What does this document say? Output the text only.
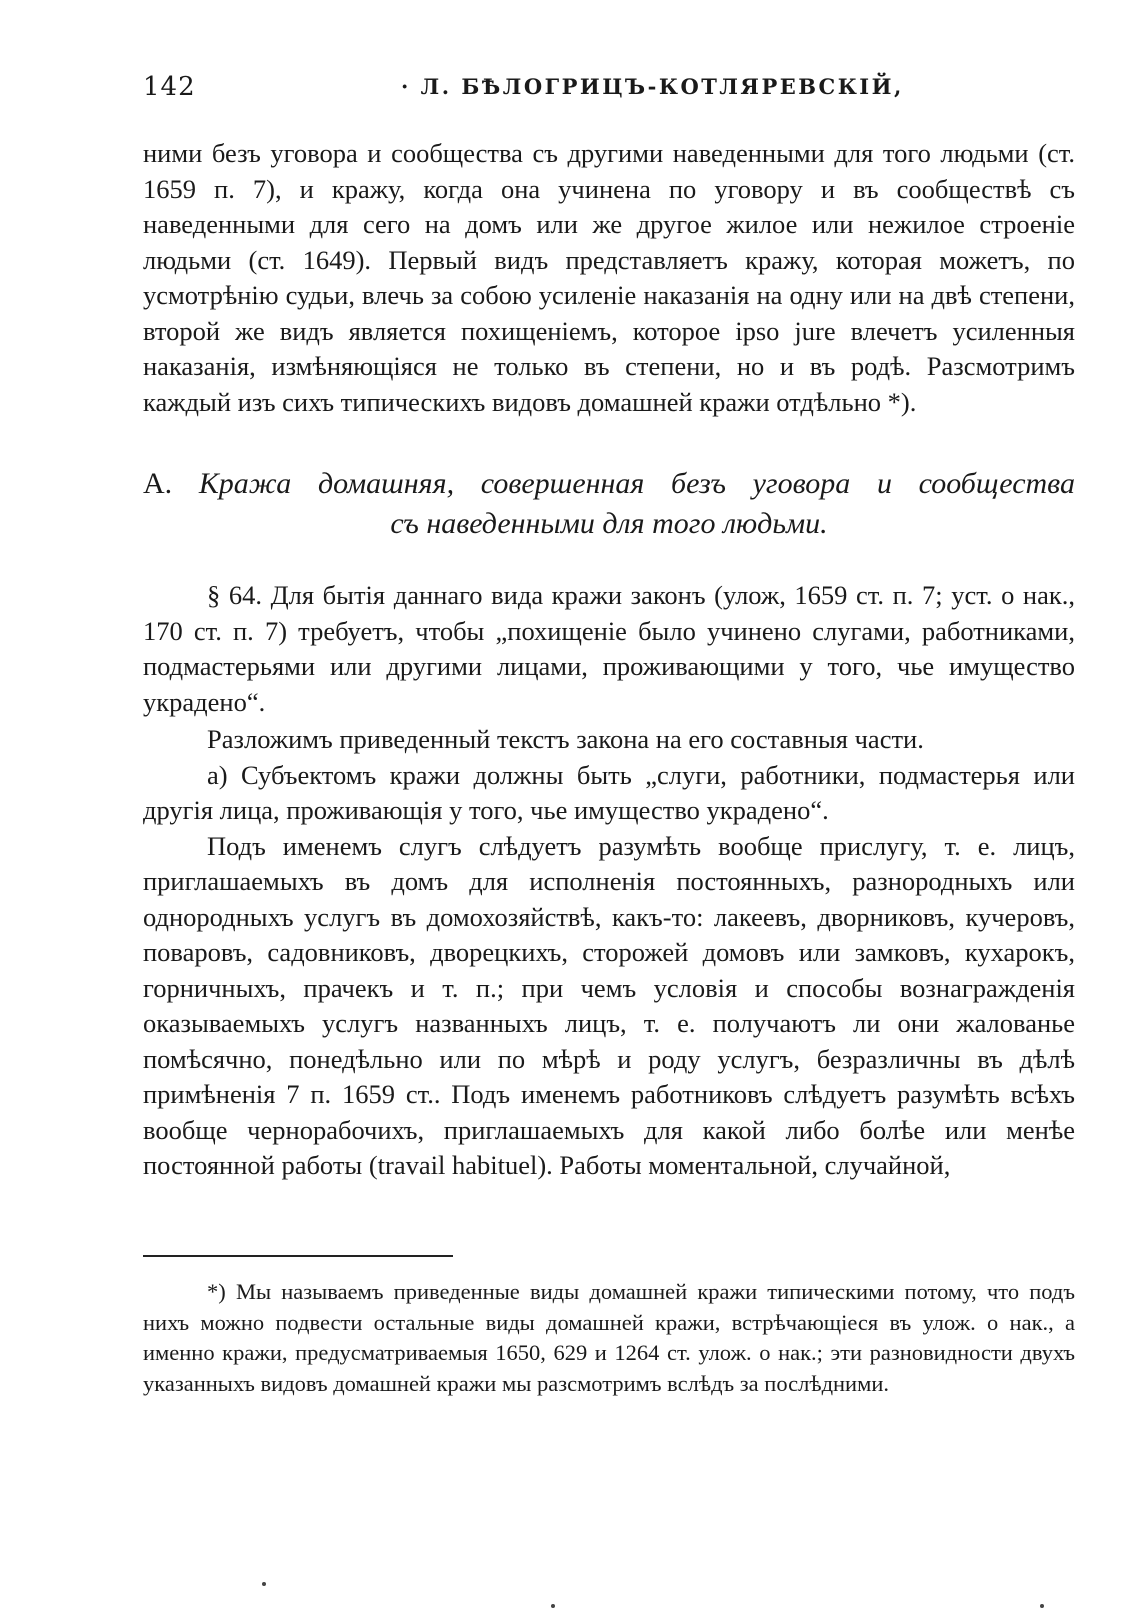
142	· Л. БѢЛОГРИЦЪ-КОТЛЯРЕВСКІЙ,

ними безъ уговора и сообщества съ другими наведенными для того людьми (ст. 1659 п. 7), и кражу, когда она учинена по уговору и въ сообществѣ съ наведенными для сего на домъ или же другое жилое или нежилое строеніе людьми (ст. 1649). Первый видъ представляетъ кражу, которая можетъ, по усмотрѣнію судьи, влечь за собою усиленіе наказанія на одну или на двѣ степени, второй же видъ является похищеніемъ, которое ipso jure влечетъ усиленныя наказанія, измѣняющіяся не только въ степени, но и въ родѣ. Разсмотримъ каждый изъ сихъ типическихъ видовъ домашней кражи отдѣльно *).

А. Кража домашняя, совершенная безъ уговора и сообщества
съ наведенными для того людьми.

§ 64. Для бытія даннаго вида кражи законъ (улож, 1659 ст. п. 7; уст. о нак., 170 ст. п. 7) требуетъ, чтобы „похищеніе было учинено слугами, работниками, подмастерьями или другими лицами, проживающими у того, чье имущество украдено“.

Разложимъ приведенный текстъ закона на его составныя части.

а) Субъектомъ кражи должны быть „слуги, работники, подмастерья или другія лица, проживающія у того, чье имущество украдено“.

Подъ именемъ слугъ слѣдуетъ разумѣть вообще прислугу, т. е. лицъ, приглашаемыхъ въ домъ для исполненія постоянныхъ, разнородныхъ или однородныхъ услугъ въ домохозяйствѣ, какъ-то: лакеевъ, дворниковъ, кучеровъ, поваровъ, садовниковъ, дворецкихъ, сторожей домовъ или замковъ, кухарокъ, горничныхъ, прачекъ и т. п.; при чемъ условія и способы вознагражденія оказываемыхъ услугъ названныхъ лицъ, т. е. получаютъ ли они жалованье помѣсячно, понедѣльно или по мѣрѣ и роду услугъ, безразличны въ дѣлѣ примѣненія 7 п. 1659 ст.. Подъ именемъ работниковъ слѣдуетъ разумѣть всѣхъ вообще чернорабочихъ, приглашаемыхъ для какой либо болѣе или менѣе постоянной работы (travail habituel). Работы моментальной, случайной,

*) Мы называемъ приведенные виды домашней кражи типическими потому, что подъ нихъ можно подвести остальные виды домашней кражи, встрѣчающіеся въ улож. о нак., а именно кражи, предусматриваемыя 1650, 629 и 1264 ст. улож. о нак.; эти разновидности двухъ указанныхъ видовъ домашней кражи мы разсмотримъ вслѣдъ за послѣдними.
